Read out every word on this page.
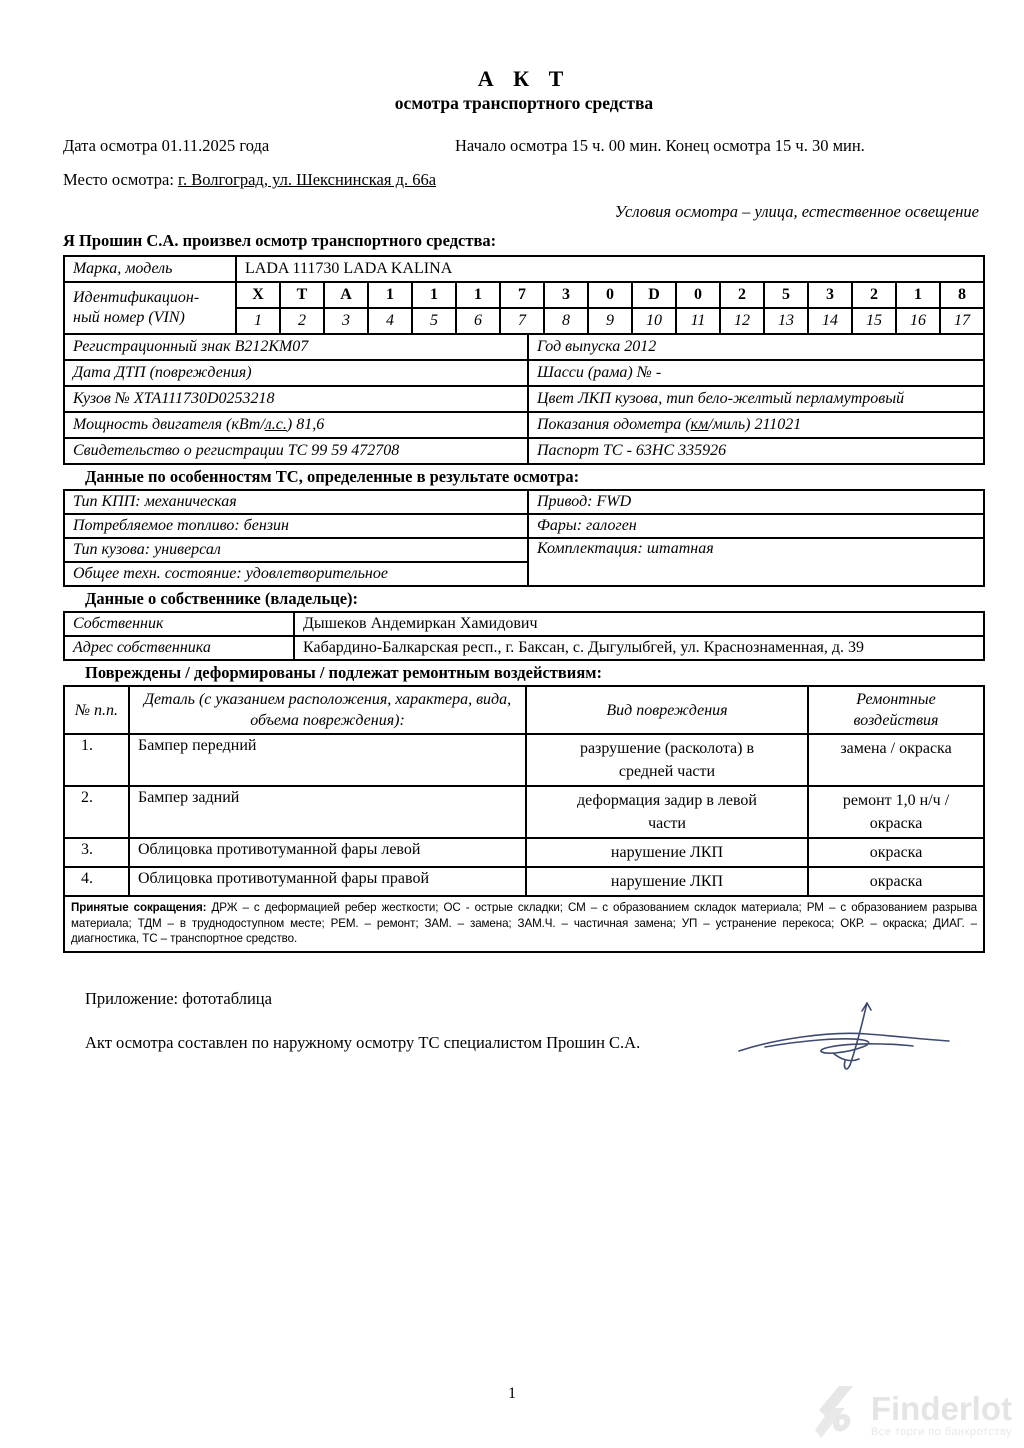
А К Т
осмотра транспортного средства
Дата осмотра 01.11.2025 года	Начало осмотра 15 ч. 00 мин. Конец осмотра 15 ч. 30 мин.
Место осмотра: г. Волгоград, ул. Шекснинская д. 66а
Условия осмотра – улица, естественное освещение
Я Прошин С.А. произвел осмотр транспортного средства:
Марка, модель	LADA 111730 LADA KALINA																

Идентификацион-
ный номер (VIN)	X	T	A	1	1	1	7	3	0	D	0	2	5	3	2	1	8
	1	2	3	4	5	6	7	8	9	10	11	12	13	14	15	16	17
Регистрационный знак В212КМ07	Год выпуска 2012
Дата ДТП (повреждения)	Шасси (рама) № -
Кузов № ХТА111730D0253218	Цвет ЛКП кузова, тип бело-желтый перламутровый
Мощность двигателя (кВт/л.с.) 81,6	Показания одометра (км/миль) 211021
Свидетельство о регистрации ТС 99 59 472708	Паспорт ТС - 63НС 335926
Данные по особенностям ТС, определенные в результате осмотра:
Тип КПП: механическая	Привод: FWD
Потребляемое топливо: бензин	Фары: галоген
Тип кузова: универсал	Комплектация: штатная
Общее техн. состояние: удовлетворительное	
Данные о собственнике (владельце):
Собственник	Дышеков Андемиркан Хамидович
Адрес собственника	Кабардино-Балкарская респ., г. Баксан, с. Дыгулыбгей, ул. Краснознаменная, д. 39
Повреждены / деформированы / подлежат ремонтным воздействиям:
№ п.п.	Деталь (с указанием расположения, характера, вида, объема повреждения):	Вид повреждения	Ремонтные воздействия
1.	Бампер передний	разрушение (расколота) в средней части	замена / окраска
2.	Бампер задний	деформация задир в левой части	ремонт 1,0 н/ч / окраска
3.	Облицовка противотуманной фары левой	нарушение ЛКП	окраска
4.	Облицовка противотуманной фары правой	нарушение ЛКП	окраска
Принятые сокращения: ДРЖ – с деформацией ребер жесткости; ОС - острые складки; СМ – с образованием складок материала; РМ – с образованием разрыва материала; ТДМ – в труднодоступном месте; РЕМ. – ремонт; ЗАМ. – замена; ЗАМ.Ч. – частичная замена; УП – устранение перекоса; ОКР. – окраска; ДИАГ. – диагностика, ТС – транспортное средство.
Приложение: фототаблица
Акт осмотра составлен по наружному осмотру ТС специалистом Прошин С.А.
1	Finderlot
Все торги по банкротству
